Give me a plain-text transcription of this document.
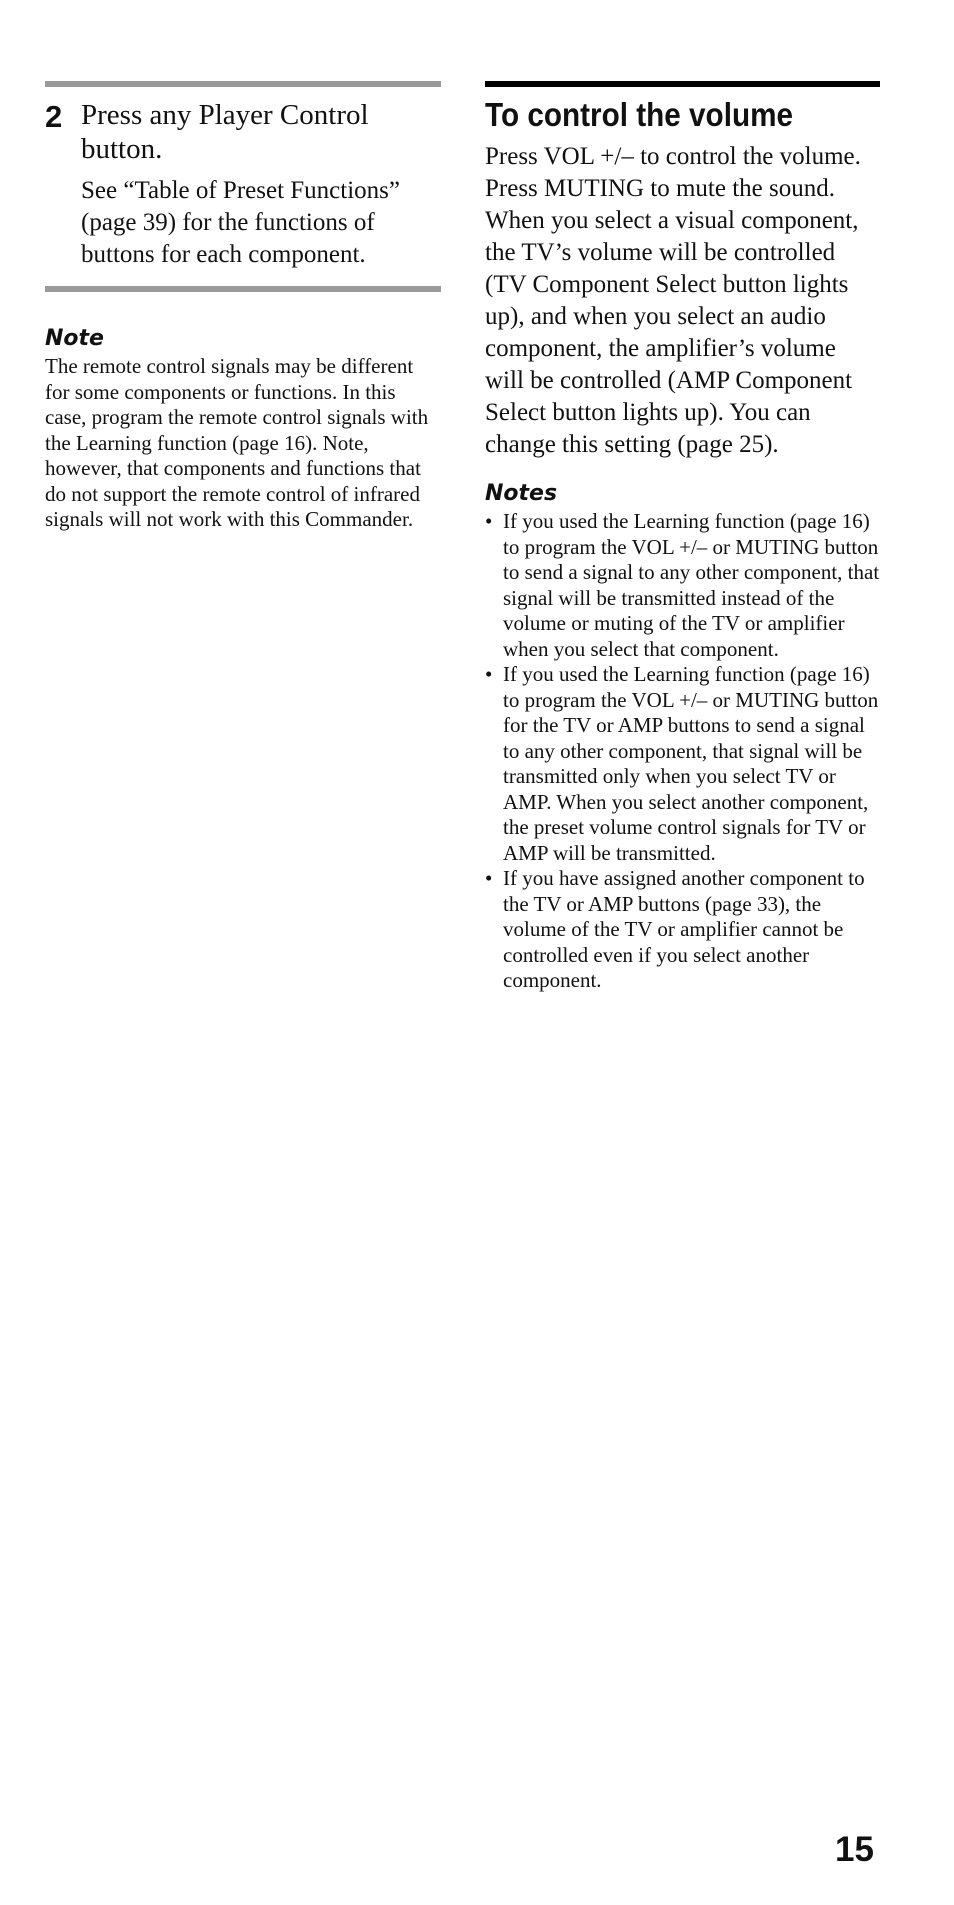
2 Press any Player Control button.
See “Table of Preset Functions” (page 39) for the functions of buttons for each component.
Note
The remote control signals may be different for some components or functions. In this case, program the remote control signals with the Learning function (page 16). Note, however, that components and functions that do not support the remote control of infrared signals will not work with this Commander.
To control the volume
Press VOL +/– to control the volume. Press MUTING to mute the sound.
When you select a visual component, the TV’s volume will be controlled (TV Component Select button lights up), and when you select an audio component, the amplifier’s volume will be controlled (AMP Component Select button lights up). You can change this setting (page 25).
Notes
• If you used the Learning function (page 16) to program the VOL +/– or MUTING button to send a signal to any other component, that signal will be transmitted instead of the volume or muting of the TV or amplifier when you select that component.
• If you used the Learning function (page 16) to program the VOL +/– or MUTING button for the TV or AMP buttons to send a signal to any other component, that signal will be transmitted only when you select TV or AMP. When you select another component, the preset volume control signals for TV or AMP will be transmitted.
• If you have assigned another component to the TV or AMP buttons (page 33), the volume of the TV or amplifier cannot be controlled even if you select another component.
15
